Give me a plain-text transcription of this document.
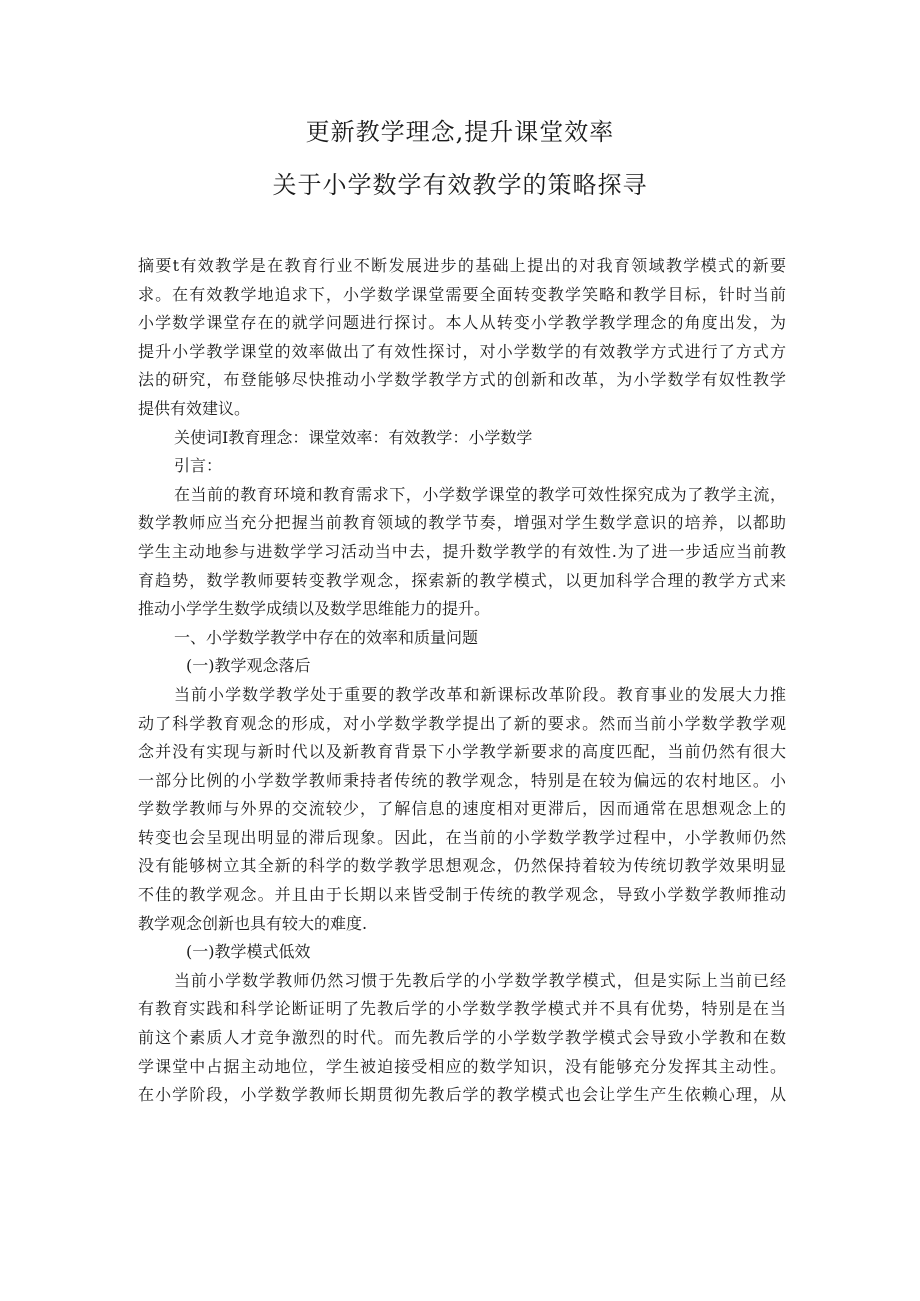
更新教学理念,提升课堂效率
关于小学数学有效教学的策略探寻
摘要t有效教学是在教育行业不断发展进步的基础上提出的对我育领域教学模式的新要
求。在有效教学地追求下，小学数学课堂需要全面转变教学笑略和教学目标，针时当前
小学数学课堂存在的就学问题进行探讨。本人从转变小学教学教学理念的角度出发，为
提升小学教学课堂的效率做出了有效性探讨，对小学数学的有效教学方式进行了方式方
法的研究，布登能够尽快推动小学数学教学方式的创新和改革，为小学数学有奴性教学
提供有效建议。
关使词I教育理念：课堂效率：有效教学：小学数学
引言：
在当前的教育环境和教育需求下，小学数学课堂的教学可效性探究成为了教学主流，
数学教师应当充分把握当前教育领域的教学节奏，增强对学生数学意识的培养，以都助
学生主动地参与进数学学习活动当中去，提升数学教学的有效性.为了进一步适应当前教
育趋势，数学教师要转变教学观念，探索新的教学模式，以更加科学合理的教学方式来
推动小学学生数学成绩以及数学思维能力的提升。
一、小学数学教学中存在的效率和质量问题
(一)教学观念落后
当前小学数学教学处于重要的教学改革和新课标改革阶段。教育事业的发展大力推
动了科学教育观念的形成，对小学数学教学提出了新的要求。然而当前小学数学教学观
念并没有实现与新时代以及新教育背景下小学教学新要求的高度匹配，当前仍然有很大
一部分比例的小学数学教师秉持者传统的教学观念，特别是在较为偏远的农村地区。小
学数学教师与外界的交流较少，了解信息的速度相对更滞后，因而通常在思想观念上的
转变也会呈现出明显的滞后现象。因此，在当前的小学数学教学过程中，小学教师仍然
没有能够树立其全新的科学的数学教学思想观念，仍然保持着较为传统切教学效果明显
不佳的教学观念。并且由于长期以来皆受制于传统的教学观念，导致小学数学教师推动
教学观念创新也具有较大的难度.
(一)教学模式低效
当前小学数学教师仍然习惯于先教后学的小学数学教学模式，但是实际上当前已经
有教育实践和科学论断证明了先教后学的小学数学教学模式并不具有优势，特别是在当
前这个素质人才竞争激烈的时代。而先教后学的小学数学教学模式会导致小学教和在数
学课堂中占据主动地位，学生被迫接受相应的数学知识，没有能够充分发挥其主动性。
在小学阶段，小学数学教师长期贯彻先教后学的教学模式也会让学生产生依赖心理，从
